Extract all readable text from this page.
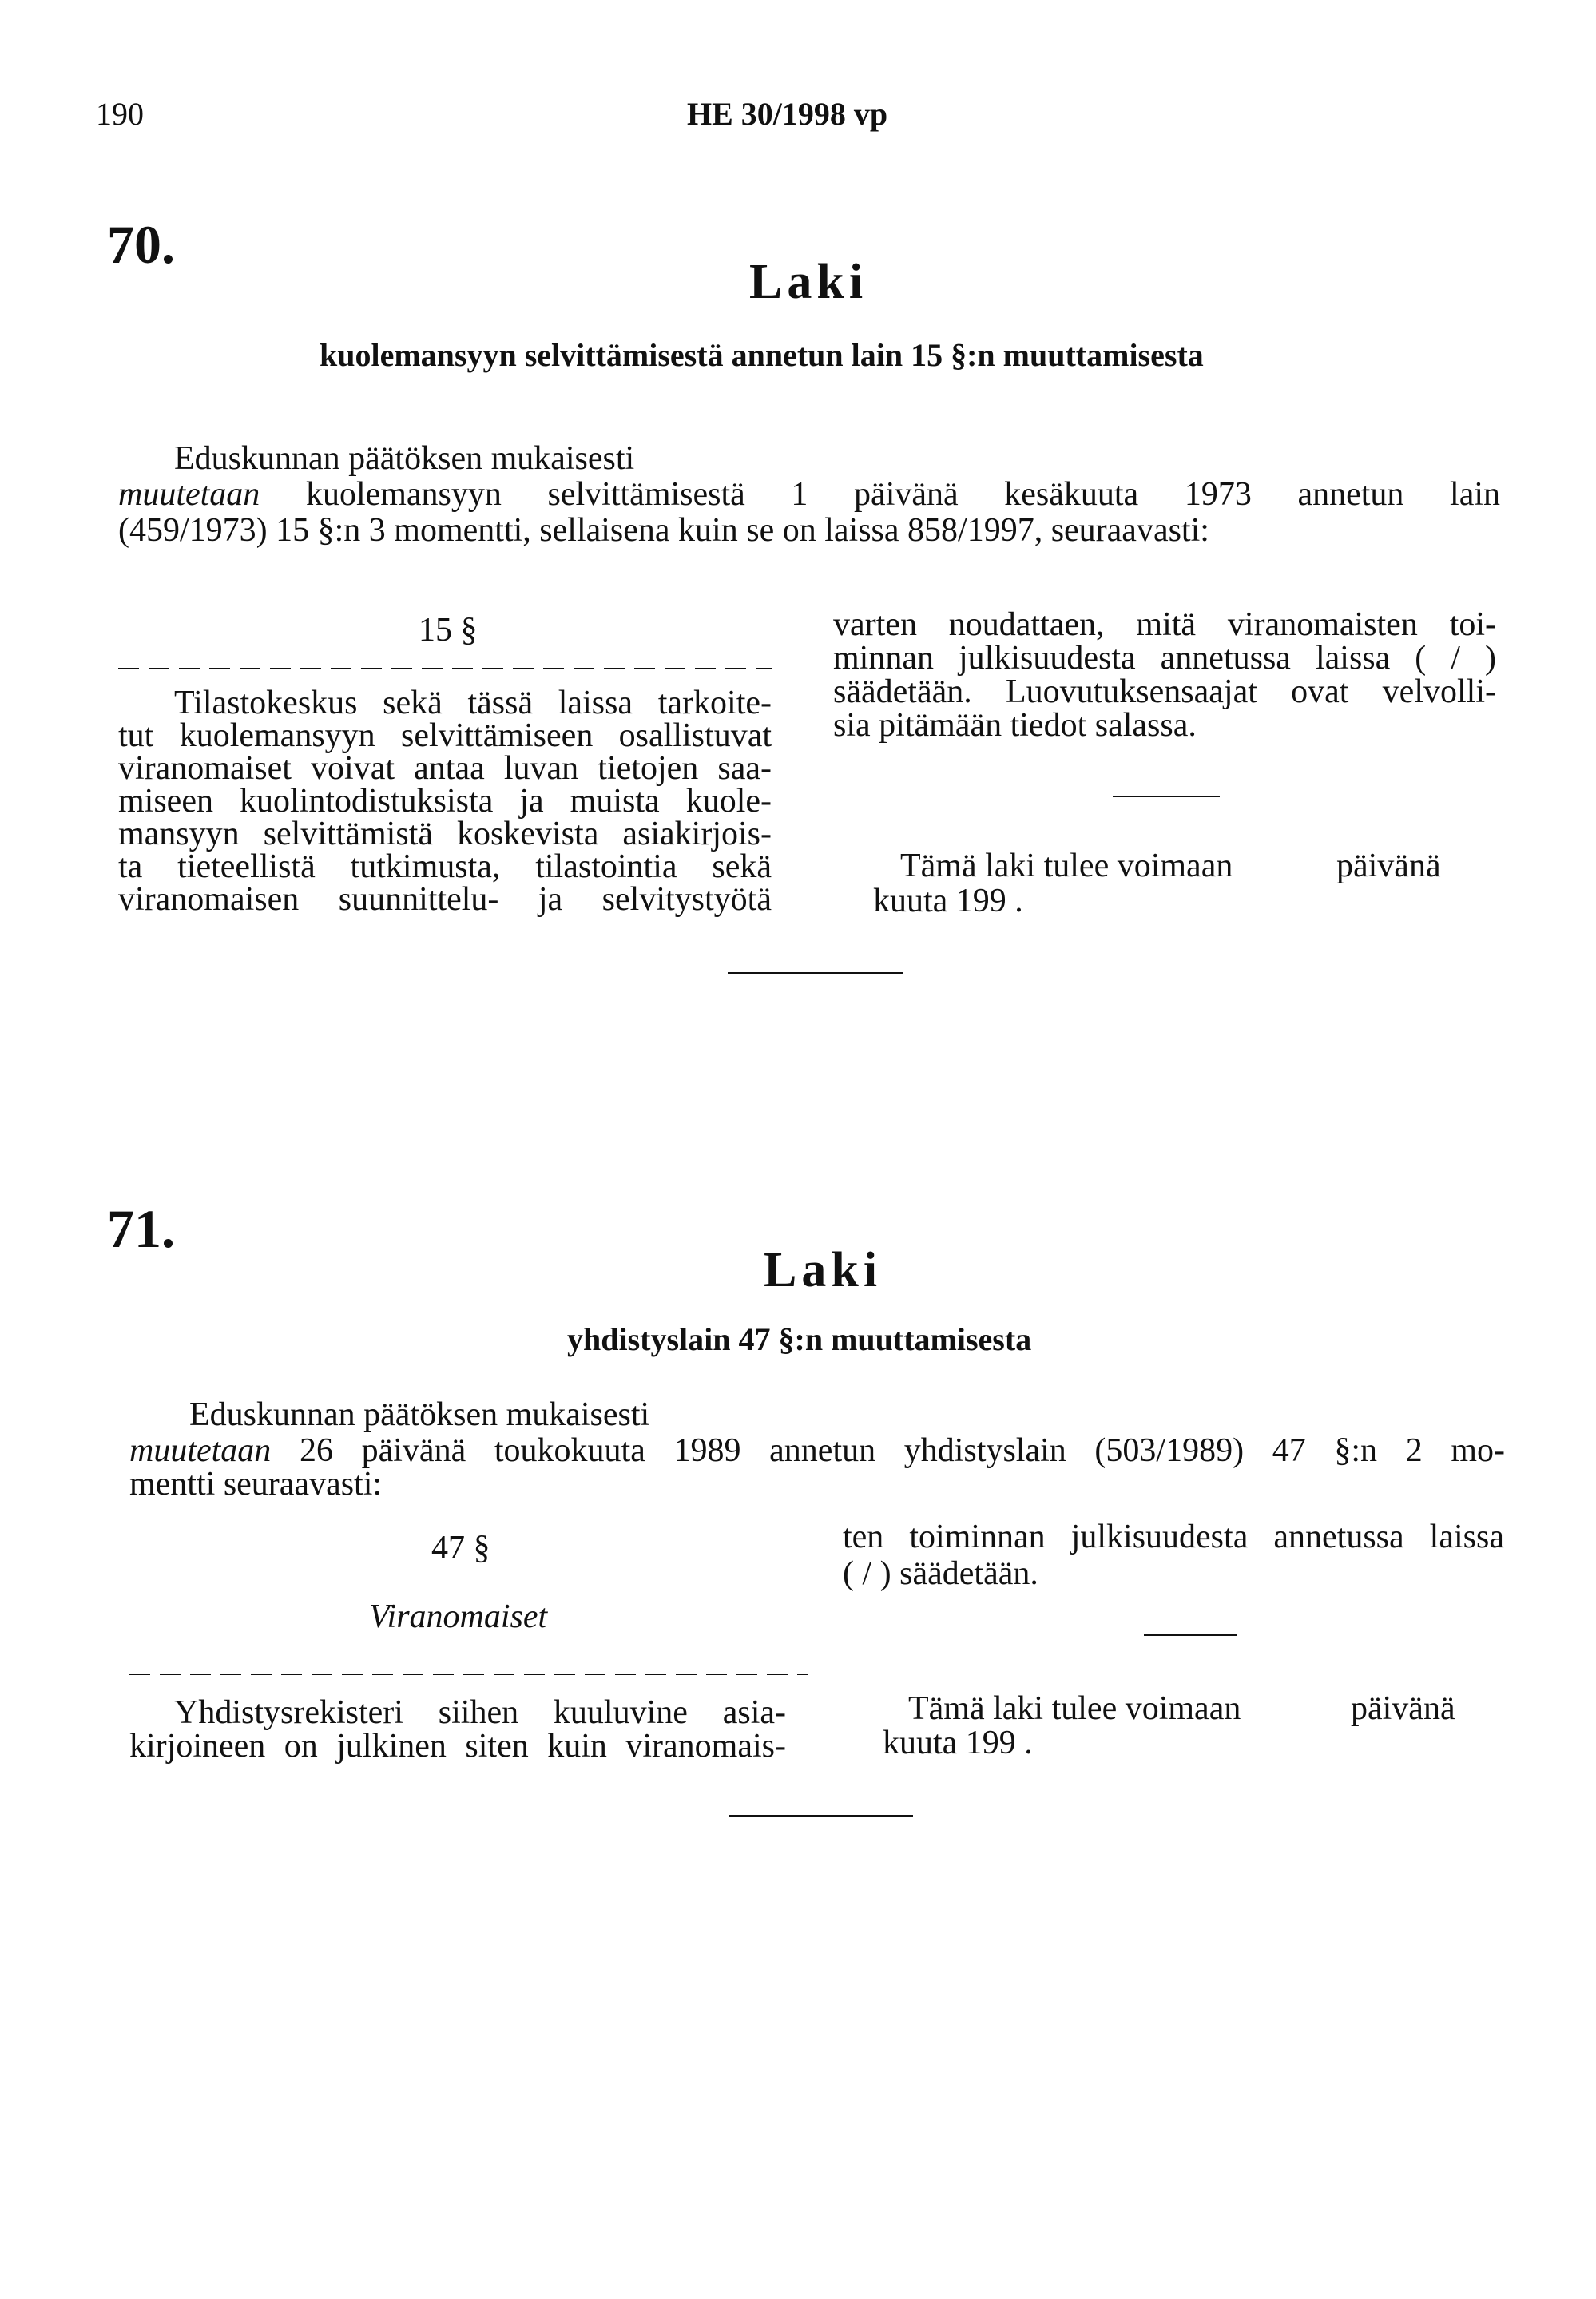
190	HE 30/1998 vp
70.
Laki
kuolemansyyn selvittämisestä annetun lain 15 §:n muuttamisesta
Eduskunnan päätöksen mukaisesti
muutetaan kuolemansyyn selvittämisestä 1 päivänä kesäkuuta 1973 annetun lain
(459/1973) 15 §:n 3 momentti, sellaisena kuin se on laissa 858/1997, seuraavasti:
15 §
Tilastokeskus sekä tässä laissa tarkoite-
tut kuolemansyyn selvittämiseen osallistuvat
viranomaiset voivat antaa luvan tietojen saa-
miseen kuolintodistuksista ja muista kuole-
mansyyn selvittämistä koskevista asiakirjois-
ta tieteellistä tutkimusta, tilastointia sekä
viranomaisen suunnittelu- ja selvitystyötä
varten noudattaen, mitä viranomaisten toi-
minnan julkisuudesta annetussa laissa ( / )
säädetään. Luovutuksensaajat ovat velvolli-
sia pitämään tiedot salassa.
Tämä laki tulee voimaan	päivänä
kuuta 199 .
71.
Laki
yhdistyslain 47 §:n muuttamisesta
Eduskunnan päätöksen mukaisesti
muutetaan 26 päivänä toukokuuta 1989 annetun yhdistyslain (503/1989) 47 §:n 2 mo-
mentti seuraavasti:
47 §
Viranomaiset
Yhdistysrekisteri siihen kuuluvine asia-
kirjoineen on julkinen siten kuin viranomais-
ten toiminnan julkisuudesta annetussa laissa
( / ) säädetään.
Tämä laki tulee voimaan	päivänä
kuuta 199 .
